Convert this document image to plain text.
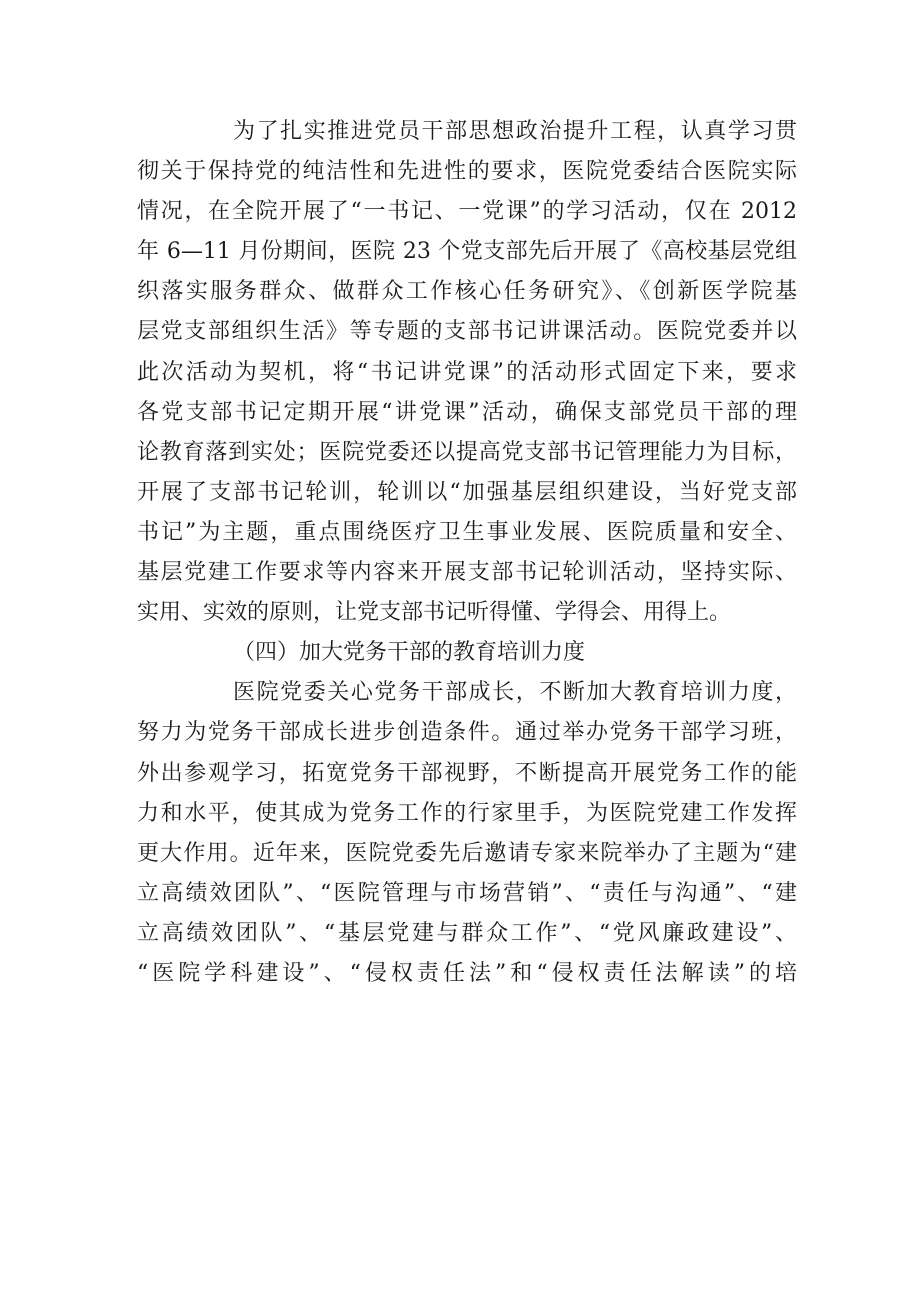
为了扎实推进党员干部思想政治提升工程，认真学习贯
彻关于保持党的纯洁性和先进性的要求，医院党委结合医院实际
情况，在全院开展了“一书记、一党课”的学习活动，仅在 2012
年 6—11 月份期间，医院 23 个党支部先后开展了《高校基层党组
织落实服务群众、做群众工作核心任务研究》、《创新医学院基
层党支部组织生活》等专题的支部书记讲课活动。医院党委并以
此次活动为契机，将“书记讲党课”的活动形式固定下来，要求
各党支部书记定期开展“讲党课”活动，确保支部党员干部的理
论教育落到实处；医院党委还以提高党支部书记管理能力为目标，
开展了支部书记轮训，轮训以“加强基层组织建设，当好党支部
书记”为主题，重点围绕医疗卫生事业发展、医院质量和安全、
基层党建工作要求等内容来开展支部书记轮训活动，坚持实际、
实用、实效的原则，让党支部书记听得懂、学得会、用得上。
（四）加大党务干部的教育培训力度
医院党委关心党务干部成长，不断加大教育培训力度，
努力为党务干部成长进步创造条件。通过举办党务干部学习班，
外出参观学习，拓宽党务干部视野，不断提高开展党务工作的能
力和水平，使其成为党务工作的行家里手，为医院党建工作发挥
更大作用。近年来，医院党委先后邀请专家来院举办了主题为“建
立高绩效团队”、“医院管理与市场营销”、“责任与沟通”、“建
立高绩效团队”、“基层党建与群众工作”、“党风廉政建设”、
“医院学科建设”、“侵权责任法”和“侵权责任法解读”的培
